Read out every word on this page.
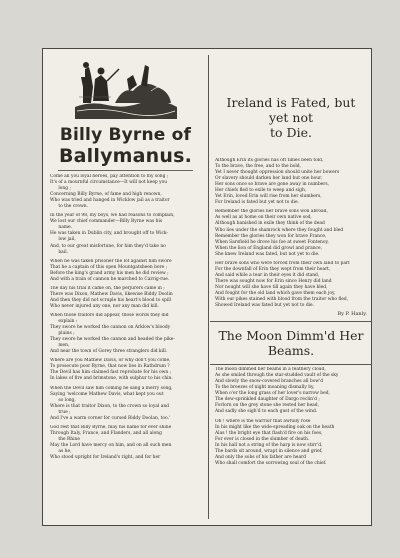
Billy Byrne of
Ballymanus.
Come all you loyal heroes, pay attention to my song ;
It's of a mournful circumstance—It will not keep you
long ;
Concerning Billy Byrne, of fame and high renown,
Who was tried and hanged in Wicklow jail as a traitor
to the crown.
In the year of 98, my boys, we had reasons to complain,
We lost our chief commander—Billy Byrne was his
name.
He was taken in Dublin city, and brought off to Wick-
low jail,
And, to our great misfortune, for him they'd take no
bail.
When he was taken prisoner the lot against him swore
That he a captain of this open Mountgatsheen bore ;
Before the king's grand army his men he did review ;
And with a train of cannon he marched to Carrig-rue.
The day his trial it came on, the perjurers came in ;
There was Dixon, Mathew Davis, likewise Biddy Doolin
And then they did not scruple his heart's blood to spill
Who never injured any one, nor any man did kill.
When those traitors did appear, those words they did
explain :
They swore he worked the cannon on Arklow's bloody
plains ;
They swore he worked the cannon and headed the pike-
men,
And near the town of Gorey three stranglers did kill.
Where are you Mathew Davis, or why don't you come,
To prosecute poor Byrne, that now lies in Rathdrum ?
The Devil has him claimed fast reprobate for his own ;
In lakes of fire and brimstone, with sulphur to his chin.
When the Devil saw him coming he sang a merry song,
Saying 'welcome Mathew Davis, what kept you out
so long,
Where is that traitor Dixon, to the crown so loyal and
true ;
And I've a warm corner for cursed Biddy Doolan, too.'
God rest that Billy Byrne, may his name for ever shine
Through Italy, France, and Flanders, and all along
the Rhine
May the Lord have mercy on him, and on all such men
as he,
Who stood upright for Ireland's right, and for her
Ireland is Fated, but yet not
to Die.
Although Erin its glories has oft times been told,
To the brave, the free, and to the bold,
Yet I never thought oppression should unite her bowers
Or slavery should darken her land but one hour,
Her sons once so brave are gone away in numbers,
Her chiefs fled to exile to weep and sigh,
Yet Erin, loved Erin will rise from her slumbers,
For Ireland is fated but yet not to die.
Remember the glories her brave sons won abroad,
As well as at home on their own native sod,
Although banished in exile they think of the dead
Who lies under the shamrock where they fought and bled
Remember the glories they won for brave France,
When Sarsfield he drove his foe at sweet Fontenoy,
When the lion of England did growl and prance,
She knew Ireland was fated, but not yet to die.
Her brave sons who were forced from their own land to part
For the downfall of Erin they wept from their heart,
And said while a tear in their eyes it did stand,
There was sought now for Erin since Henry did land
Nor nought will she have till again they have bled,
And fought for the old land which gave them each joy,
With our pikes stained with blood from the traitor who fled,
Showed Ireland was fated but yet not to die.
By P. Hanly.
The Moon Dimm'd Her Beams.
The moon dimmed her beams in a feathery cloud,
As she smiled through the star-studded vault of the sky
And slowly the snow-covered branches all bow'd
To the breezes of night moaning dismally by,
When o'er the long grass of her lover's narrow bed,
The dew-sprinkled daughter of Dargo reclin'd ;
Forlorn on the grey stone she rested her head,
And sadly she sigh'd to each gust of the wind.
Oh ! where is the warrior that awfully rose
In his might like the wide-spreading oak on the heath
Alas ! the bright eye that flash'd fire on his foes,
For ever is closed in the slumber of death.
In his hall not a string of the harp is now stirr'd,
The bards sit around, wrapt in silence and grief,
And only the sobs of his father are heard
Who shall comfort the sorrowing soul of the chief.
